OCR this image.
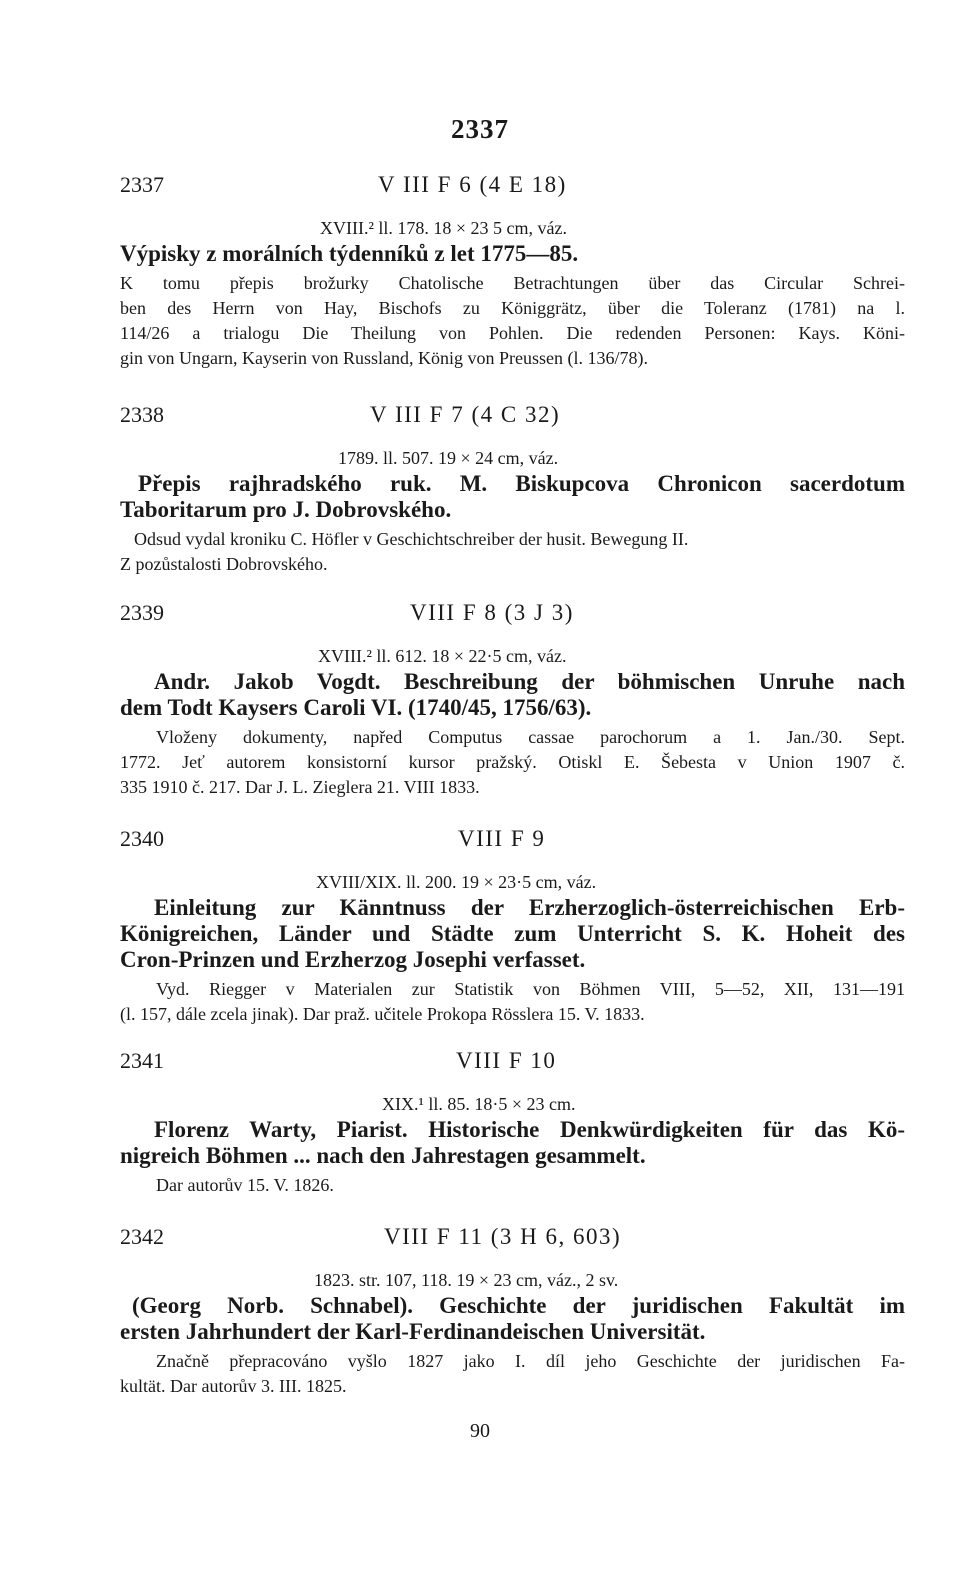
2337
2337	V III F 6 (4 E 18)
XVIII.² ll. 178. 18 × 23 5 cm, váz.
Výpisky z morálních týdenníků z let 1775—85.
K tomu přepis brožurky Chatolische Betrachtungen über das Circular Schrei-
ben des Herrn von Hay, Bischofs zu Königgrätz, über die Toleranz (1781) na l.
114/26 a trialogu Die Theilung von Pohlen. Die redenden Personen: Kays. Köni-
gin von Ungarn, Kayserin von Russland, König von Preussen (l. 136/78).
2338	V III F 7 (4 C 32)
1789. ll. 507. 19 × 24 cm, váz.
Přepis rajhradského ruk. M. Biskupcova Chronicon sacerdotum
Taboritarum pro J. Dobrovského.
Odsud vydal kroniku C. Höfler v Geschichtschreiber der husit. Bewegung II.
Z pozůstalosti Dobrovského.
2339	VIII F 8 (3 J 3)
XVIII.² ll. 612. 18 × 22·5 cm, váz.
Andr. Jakob Vogdt. Beschreibung der böhmischen Unruhe nach
dem Todt Kaysers Caroli VI. (1740/45, 1756/63).
Vloženy dokumenty, napřed Computus cassae parochorum a 1. Jan./30. Sept.
1772. Jeť autorem konsistorní kursor pražský. Otiskl E. Šebesta v Union 1907 č.
335 1910 č. 217. Dar J. L. Zieglera 21. VIII 1833.
2340	VIII F 9
XVIII/XIX. ll. 200. 19 × 23·5 cm, váz.
Einleitung zur Känntnuss der Erzherzoglich-österreichischen Erb-
Königreichen, Länder und Städte zum Unterricht S. K. Hoheit des
Cron-Prinzen und Erzherzog Josephi verfasset.
Vyd. Riegger v Materialen zur Statistik von Böhmen VIII, 5—52, XII, 131—191
(l. 157, dále zcela jinak). Dar praž. učitele Prokopa Rösslera 15. V. 1833.
2341	VIII F 10
XIX.¹ ll. 85. 18·5 × 23 cm.
Florenz Warty, Piarist. Historische Denkwürdigkeiten für das Kö-
nigreich Böhmen ... nach den Jahrestagen gesammelt.
Dar autorův 15. V. 1826.
2342	VIII F 11 (3 H 6, 603)
1823. str. 107, 118. 19 × 23 cm, váz., 2 sv.
(Georg Norb. Schnabel). Geschichte der juridischen Fakultät im
ersten Jahrhundert der Karl-Ferdinandeischen Universität.
Značně přepracováno vyšlo 1827 jako I. díl jeho Geschichte der juridischen Fa-
kultät. Dar autorův 3. III. 1825.
90
